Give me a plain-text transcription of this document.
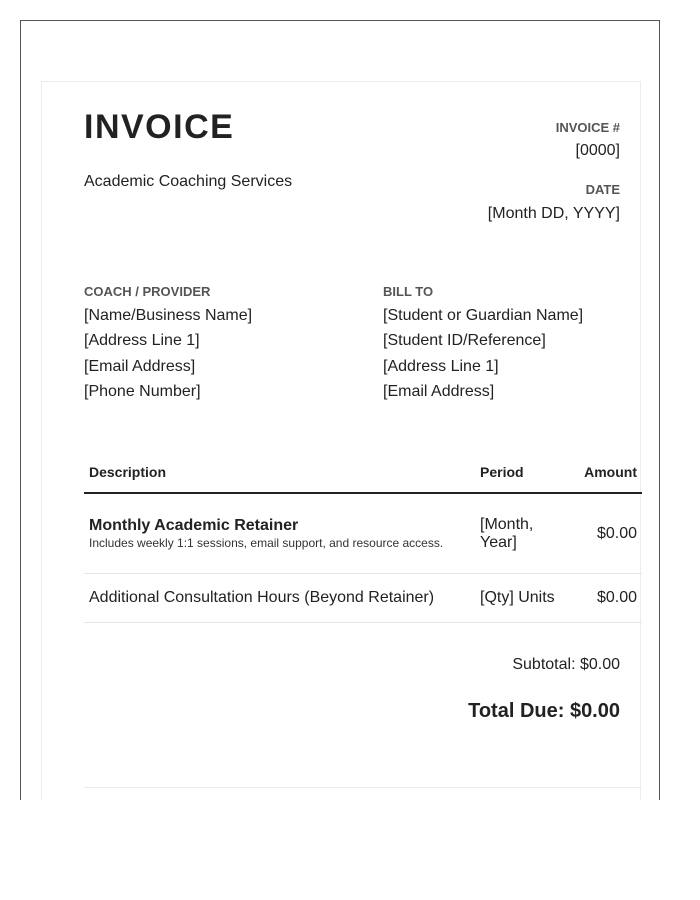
INVOICE
Academic Coaching Services
INVOICE #
[0000]
DATE
[Month DD, YYYY]
COACH / PROVIDER
[Name/Business Name]
[Address Line 1]
[Email Address]
[Phone Number]
BILL TO
[Student or Guardian Name]
[Student ID/Reference]
[Address Line 1]
[Email Address]
Description	Period	Amount

Monthly Academic Retainer
Includes weekly 1:1 sessions, email support, and resource access.	[Month, Year]	$0.00
Additional Consultation Hours (Beyond Retainer)	[Qty] Units	$0.00
Subtotal: $0.00
Total Due: $0.00
